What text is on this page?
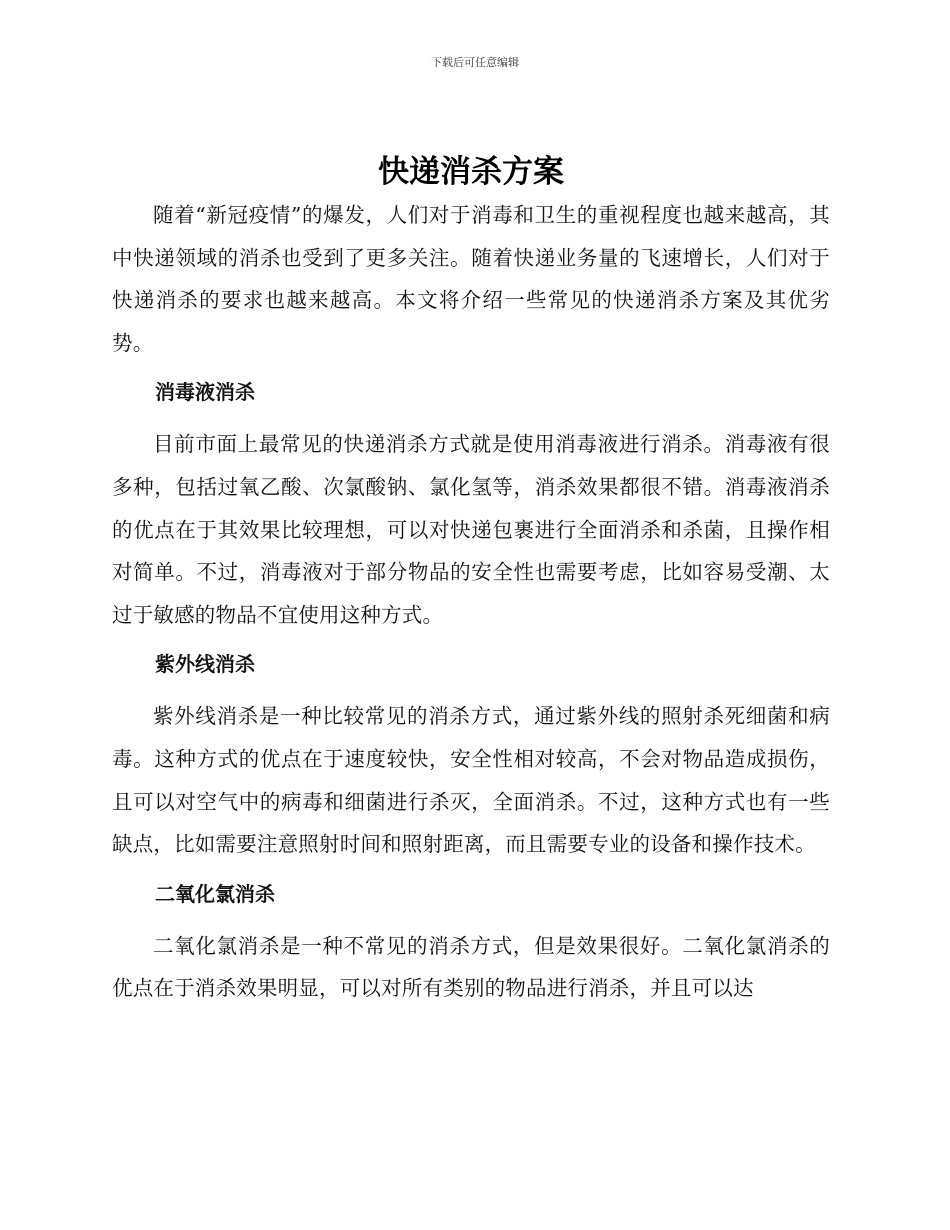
下载后可任意编辑
快递消杀方案

随着“新冠疫情”的爆发，人们对于消毒和卫生的重视程度也越来越高，其中快递领域的消杀也受到了更多关注。随着快递业务量的飞速增长，人们对于快递消杀的要求也越来越高。本文将介绍一些常见的快递消杀方案及其优劣势。

消毒液消杀

目前市面上最常见的快递消杀方式就是使用消毒液进行消杀。消毒液有很多种，包括过氧乙酸、次氯酸钠、氯化氢等，消杀效果都很不错。消毒液消杀的优点在于其效果比较理想，可以对快递包裹进行全面消杀和杀菌，且操作相对简单。不过，消毒液对于部分物品的安全性也需要考虑，比如容易受潮、太过于敏感的物品不宜使用这种方式。

紫外线消杀

紫外线消杀是一种比较常见的消杀方式，通过紫外线的照射杀死细菌和病毒。这种方式的优点在于速度较快，安全性相对较高，不会对物品造成损伤，且可以对空气中的病毒和细菌进行杀灭，全面消杀。不过，这种方式也有一些缺点，比如需要注意照射时间和照射距离，而且需要专业的设备和操作技术。

二氧化氯消杀

二氧化氯消杀是一种不常见的消杀方式，但是效果很好。二氧化氯消杀的优点在于消杀效果明显，可以对所有类别的物品进行消杀，并且可以达
